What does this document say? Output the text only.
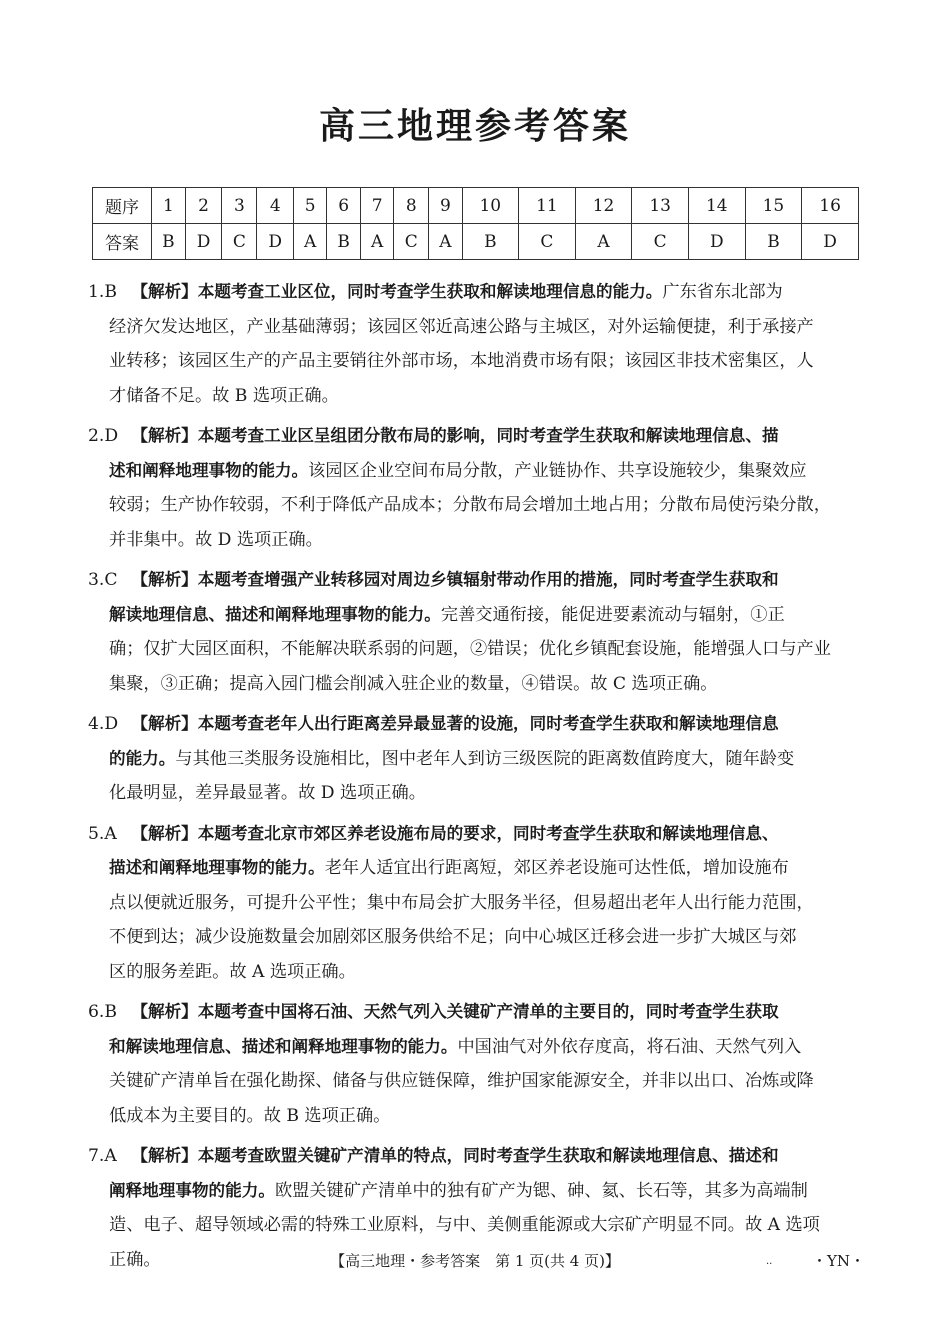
高三地理参考答案
题序	1	2	3	4	5	6	7	8	9	10	11	12	13	14	15	16
答案	B	D	C	D	A	B	A	C	A	B	C	A	C	D	B	D
1.B 【解析】本题考查工业区位，同时考查学生获取和解读地理信息的能力。广东省东北部为
经济欠发达地区，产业基础薄弱；该园区邻近高速公路与主城区，对外运输便捷，利于承接产
业转移；该园区生产的产品主要销往外部市场，本地消费市场有限；该园区非技术密集区，人
才储备不足。故 B 选项正确。
2.D 【解析】本题考查工业区呈组团分散布局的影响，同时考查学生获取和解读地理信息、描
述和阐释地理事物的能力。该园区企业空间布局分散，产业链协作、共享设施较少，集聚效应
较弱；生产协作较弱，不利于降低产品成本；分散布局会增加土地占用；分散布局使污染分散，
并非集中。故 D 选项正确。
3.C 【解析】本题考查增强产业转移园对周边乡镇辐射带动作用的措施，同时考查学生获取和
解读地理信息、描述和阐释地理事物的能力。完善交通衔接，能促进要素流动与辐射，①正
确；仅扩大园区面积，不能解决联系弱的问题，②错误；优化乡镇配套设施，能增强人口与产业
集聚，③正确；提高入园门槛会削减入驻企业的数量，④错误。故 C 选项正确。
4.D 【解析】本题考查老年人出行距离差异最显著的设施，同时考查学生获取和解读地理信息
的能力。与其他三类服务设施相比，图中老年人到访三级医院的距离数值跨度大，随年龄变
化最明显，差异最显著。故 D 选项正确。
5.A 【解析】本题考查北京市郊区养老设施布局的要求，同时考查学生获取和解读地理信息、
描述和阐释地理事物的能力。老年人适宜出行距离短，郊区养老设施可达性低，增加设施布
点以便就近服务，可提升公平性；集中布局会扩大服务半径，但易超出老年人出行能力范围，
不便到达；减少设施数量会加剧郊区服务供给不足；向中心城区迁移会进一步扩大城区与郊
区的服务差距。故 A 选项正确。
6.B 【解析】本题考查中国将石油、天然气列入关键矿产清单的主要目的，同时考查学生获取
和解读地理信息、描述和阐释地理事物的能力。中国油气对外依存度高，将石油、天然气列入
关键矿产清单旨在强化勘探、储备与供应链保障，维护国家能源安全，并非以出口、冶炼或降
低成本为主要目的。故 B 选项正确。
7.A 【解析】本题考查欧盟关键矿产清单的特点，同时考查学生获取和解读地理信息、描述和
阐释地理事物的能力。欧盟关键矿产清单中的独有矿产为锶、砷、氦、长石等，其多为高端制
造、电子、超导领域必需的特殊工业原料，与中、美侧重能源或大宗矿产明显不同。故 A 选项
正确。	【高三地理・参考答案　第 1 页(共 4 页)】	..	・YN・
